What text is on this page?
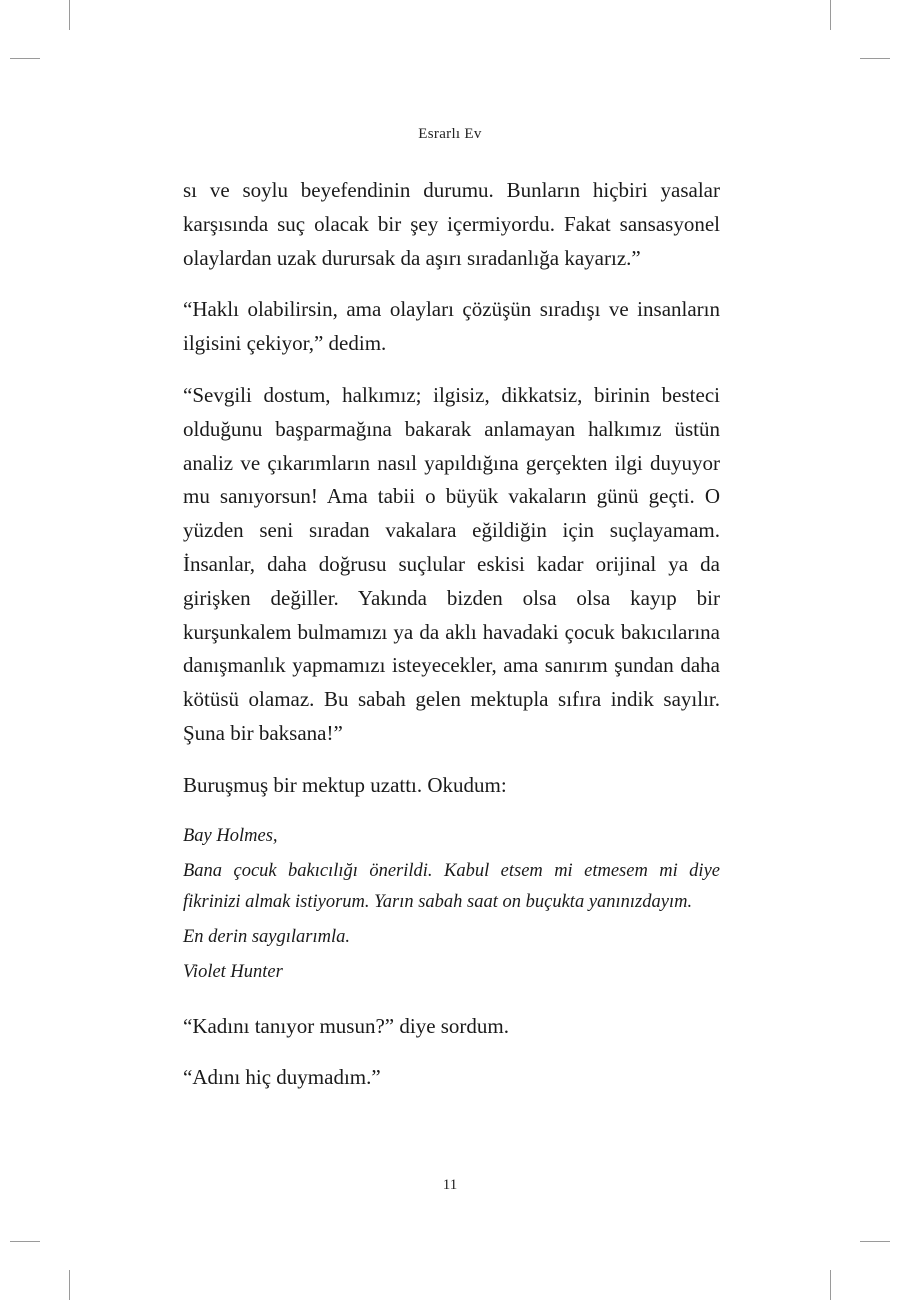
Esrarlı Ev

sı ve soylu beyefendinin durumu. Bunların hiçbiri yasalar karşısında suç olacak bir şey içermiyordu. Fakat sansasyonel olaylardan uzak durursak da aşırı sıradanlığa kayarız.”

“Haklı olabilirsin, ama olayları çözüşün sıradışı ve insanların ilgisini çekiyor,” dedim.

“Sevgili dostum, halkımız; ilgisiz, dikkatsiz, birinin besteci olduğunu başparmağına bakarak anlamayan halkımız üstün analiz ve çıkarımların nasıl yapıldığına gerçekten ilgi duyuyor mu sanıyorsun! Ama tabii o büyük vakaların günü geçti. O yüzden seni sıradan vakalara eğildiğin için suçlayamam. İnsanlar, daha doğrusu suçlular eskisi kadar orijinal ya da girişken değiller. Yakında bizden olsa olsa kayıp bir kurşunkalem bulmamızı ya da aklı havadaki çocuk bakıcılarına danışmanlık yapmamızı isteyecekler, ama sanırım şundan daha kötüsü olamaz. Bu sabah gelen mektupla sıfıra indik sayılır. Şuna bir baksana!”

Buruşmuş bir mektup uzattı. Okudum:

Bay Holmes,

Bana çocuk bakıcılığı önerildi. Kabul etsem mi etmesem mi diye fikrinizi almak istiyorum. Yarın sabah saat on buçukta yanınızdayım.

En derin saygılarımla.

Violet Hunter

“Kadını tanıyor musun?” diye sordum.

“Adını hiç duymadım.”

11
